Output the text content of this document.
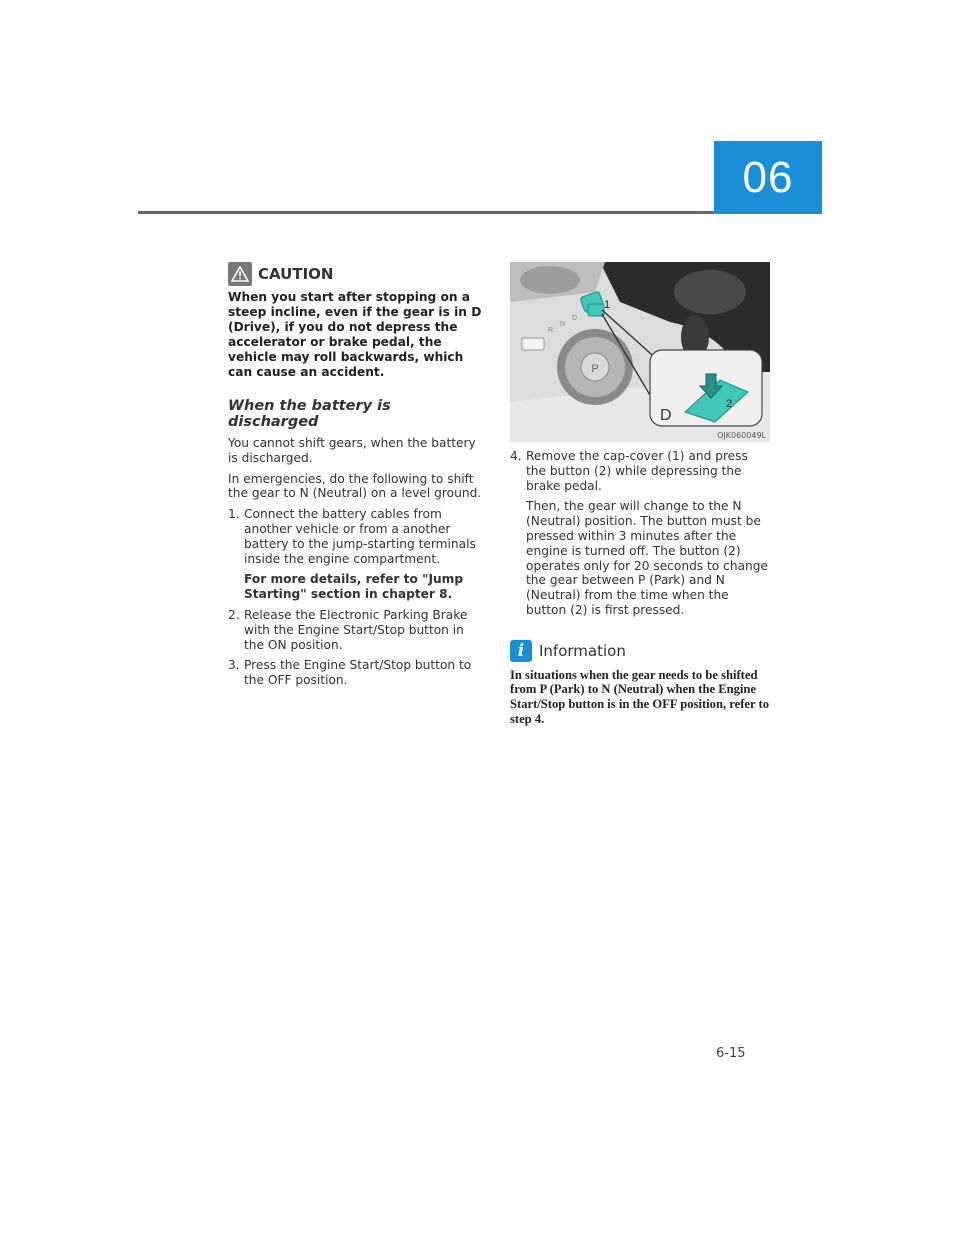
06
CAUTION

When you start after stopping on a steep incline, even if the gear is in D (Drive), if you do not depress the accelerator or brake pedal, the vehicle may roll backwards, which can cause an accident.

When the battery is discharged

You cannot shift gears, when the battery is discharged.

In emergencies, do the following to shift the gear to N (Neutral) on a level ground.

1. Connect the battery cables from another vehicle or from a another battery to the jump-starting terminals inside the engine compartment.

For more details, refer to "Jump Starting" section in chapter 8.

2. Release the Electronic Parking Brake with the Engine Start/Stop button in the ON position.

3. Press the Engine Start/Stop button to the OFF position.

P
R
N
D
1
D
2
OJK060049L
4. Remove the cap-cover (1) and press the button (2) while depressing the brake pedal.

Then, the gear will change to the N (Neutral) position. The button must be pressed within 3 minutes after the engine is turned off. The button (2) operates only for 20 seconds to change the gear between P (Park) and N (Neutral) from the time when the button (2) is first pressed.

i Information

In situations when the gear needs to be shifted from P (Park) to N (Neutral) when the Engine Start/Stop button is in the OFF position, refer to step 4.

6-15
